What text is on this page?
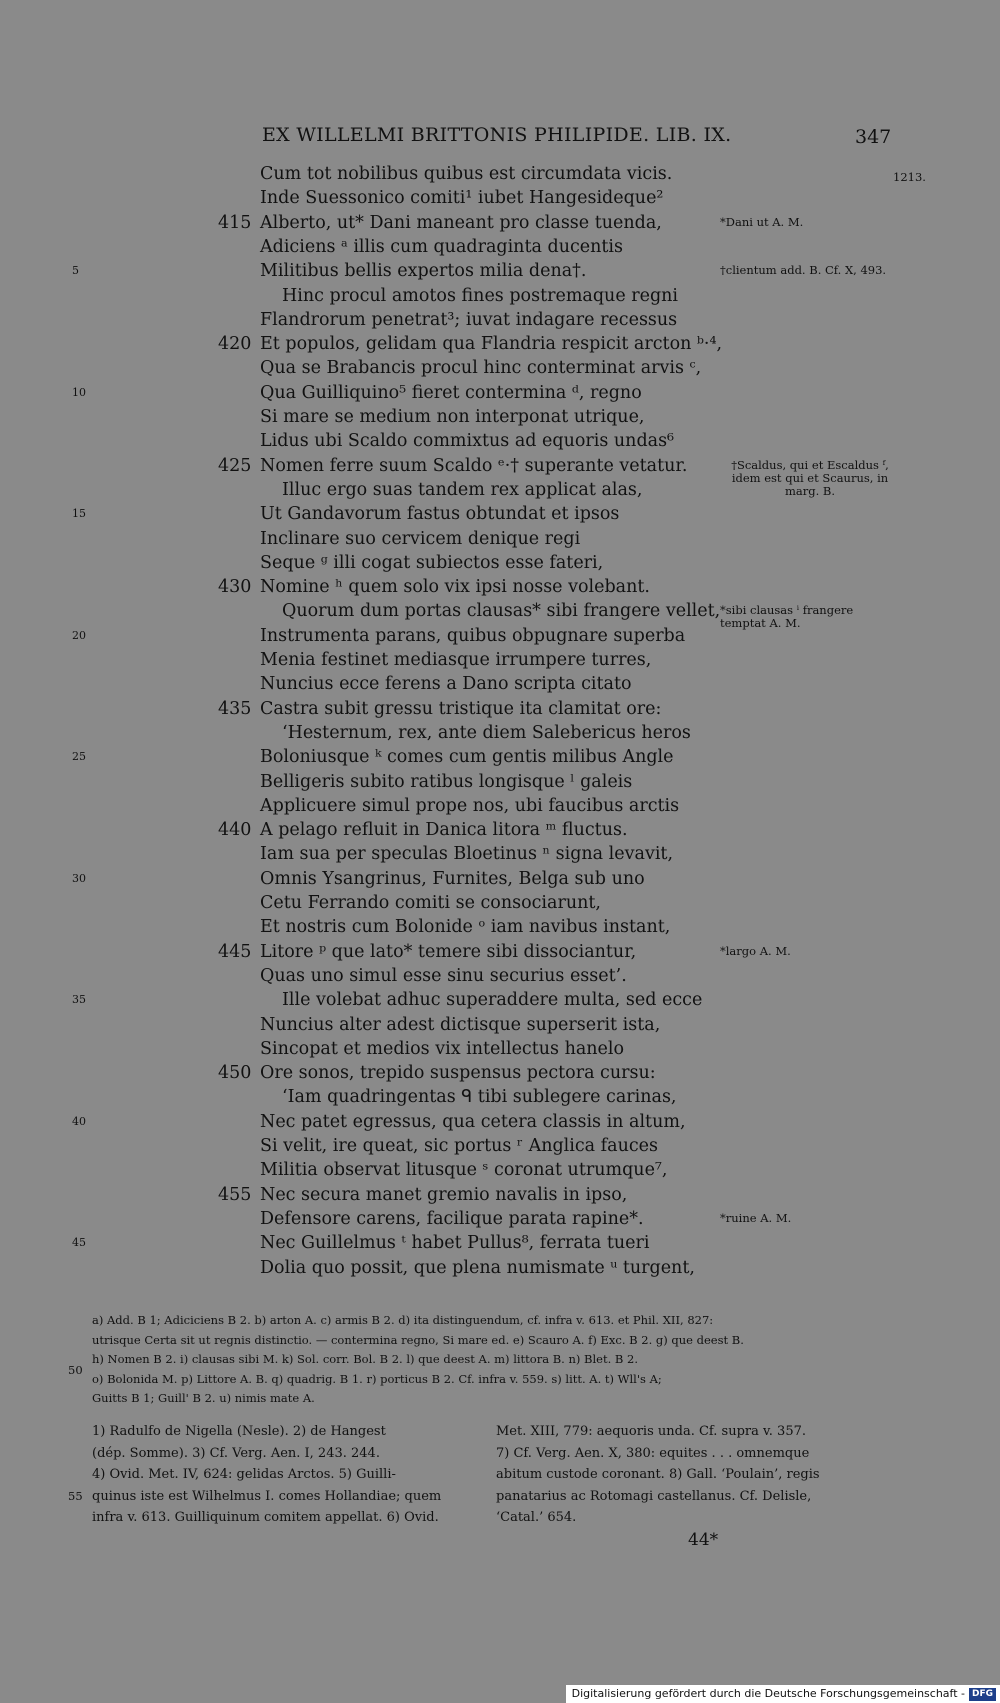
EX WILLELMI BRITTONIS PHILIPIDE. LIB. IX.	347
1213.
Cum tot nobilibus quibus est circumdata vicis.
Inde Suessonico comiti¹ iubet Hangesideque²
Alberto, ut* Dani maneant pro classe tuenda,
415
Adiciens ᵃ illis cum quadraginta ducentis
Militibus bellis expertos milia dena†.
5
Hinc procul amotos fines postremaque regni
Flandrorum penetrat³; iuvat indagare recessus
Et populos, gelidam qua Flandria respicit arcton ᵇ·⁴,
420
Qua se Brabancis procul hinc conterminat arvis ᶜ,
Qua Guilliquino⁵ fieret contermina ᵈ, regno
10
Si mare se medium non interponat utrique,
Lidus ubi Scaldo commixtus ad equoris undas⁶
Nomen ferre suum Scaldo ᵉ·† superante vetatur.
425
Illuc ergo suas tandem rex applicat alas,
Ut Gandavorum fastus obtundat et ipsos
15
Inclinare suo cervicem denique regi
Seque ᵍ illi cogat subiectos esse fateri,
Nomine ʰ quem solo vix ipsi nosse volebant.
430
Quorum dum portas clausas* sibi frangere vellet,
Instrumenta parans, quibus obpugnare superba
20
Menia festinet mediasque irrumpere turres,
Nuncius ecce ferens a Dano scripta citato
Castra subit gressu tristique ita clamitat ore:
435
‘Hesternum, rex, ante diem Salebericus heros
Boloniusque ᵏ comes cum gentis milibus Angle
25
Belligeris subito ratibus longisque ˡ galeis
Applicuere simul prope nos, ubi faucibus arctis
A pelago refluit in Danica litora ᵐ fluctus.
440
Iam sua per speculas Bloetinus ⁿ signa levavit,
Omnis Ysangrinus, Furnites, Belga sub uno
30
Cetu Ferrando comiti se consociarunt,
Et nostris cum Bolonide ᵒ iam navibus instant,
Litore ᵖ que lato* temere sibi dissociantur,
445
Quas uno simul esse sinu securius esset’.
Ille volebat adhuc superaddere multa, sed ecce
35
Nuncius alter adest dictisque superserit ista,
Sincopat et medios vix intellectus hanelo
Ore sonos, trepido suspensus pectora cursu:
450
‘Iam quadringentas ᑫ tibi sublegere carinas,
Nec patet egressus, qua cetera classis in altum,
40
Si velit, ire queat, sic portus ʳ Anglica fauces
Militia observat litusque ˢ coronat utrumque⁷,
Nec secura manet gremio navalis in ipso,
455
Defensore carens, facilique parata rapine*.
Nec Guillelmus ᵗ habet Pullus⁸, ferrata tueri
45
Dolia quo possit, que plena numismate ᵘ turgent,
*Dani ut A. M.
†clientum add. B. Cf. X, 493.
†Scaldus, qui et Escaldus ᶠ,
idem est qui et Scaurus, in
marg. B.
*sibi clausas ⁱ frangere
temptat A. M.
*largo A. M.
*ruine A. M.
a) Add. B 1; Adiciciens B 2. b) arton A. c) armis B 2. d) ita distinguendum, cf. infra v. 613. et Phil. XII, 827:
utrisque Certa sit ut regnis distinctio. — contermina regno, Si mare ed. e) Scauro A. f) Exc. B 2. g) que deest B.
h) Nomen B 2. i) clausas sibi M. k) Sol. corr. Bol. B 2. l) que deest A. m) littora B. n) Blet. B 2.
o) Bolonida M. p) Littore A. B. q) quadrig. B 1. r) porticus B 2. Cf. infra v. 559. s) litt. A. t) Wll's A;
Guitts B 1; Guill' B 2. u) nimis mate A.
50
1) Radulfo de Nigella (Nesle). 2) de Hangest
(dép. Somme). 3) Cf. Verg. Aen. I, 243. 244.
4) Ovid. Met. IV, 624: gelidas Arctos. 5) Guilli-
quinus iste est Wilhelmus I. comes Hollandiae; quem
infra v. 613. Guilliquinum comitem appellat. 6) Ovid.
Met. XIII, 779: aequoris unda. Cf. supra v. 357.
7) Cf. Verg. Aen. X, 380: equites . . . omnemque
abitum custode coronant. 8) Gall. ‘Poulain’, regis
panatarius ac Rotomagi castellanus. Cf. Delisle,
‘Catal.’ 654.
55
44*
Digitalisierung gefördert durch die Deutsche Forschungsgemeinschaft - DFG
